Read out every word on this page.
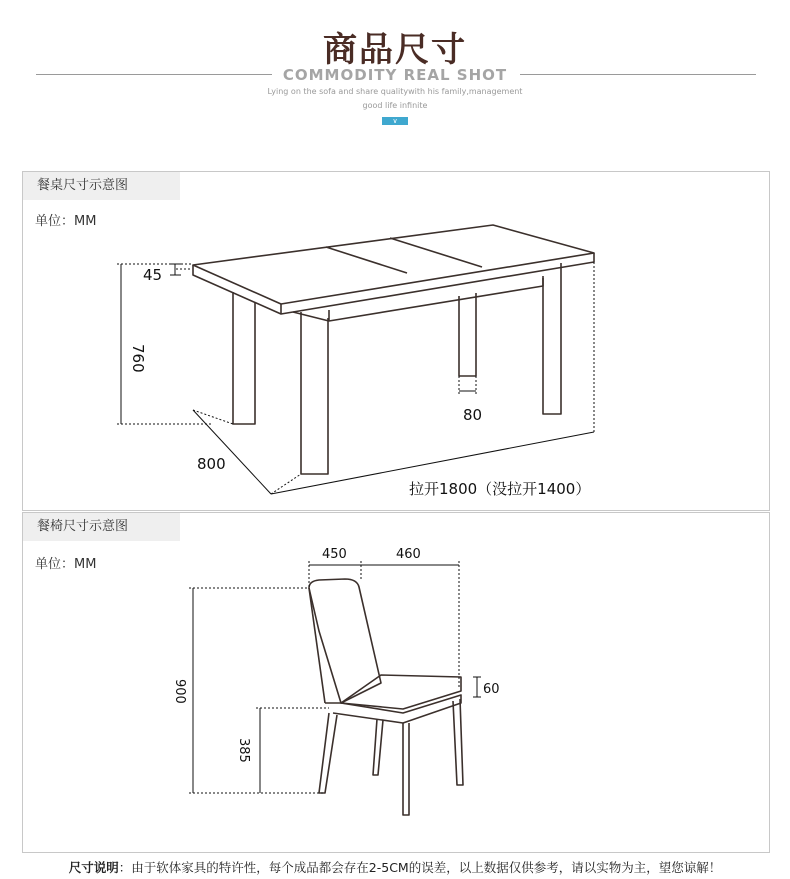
商品尺寸
COMMODITY REAL SHOT
Lying on the sofa and share qualitywith his family,management
good life infinite
∨
餐桌尺寸示意图
单位：MM
45
760
80
800
拉开1800（没拉开1400）
餐椅尺寸示意图
单位：MM
450	460
900
385
60
尺寸说明：由于软体家具的特许性，每个成品都会存在2-5CM的误差，以上数据仅供参考，请以实物为主，望您谅解！
